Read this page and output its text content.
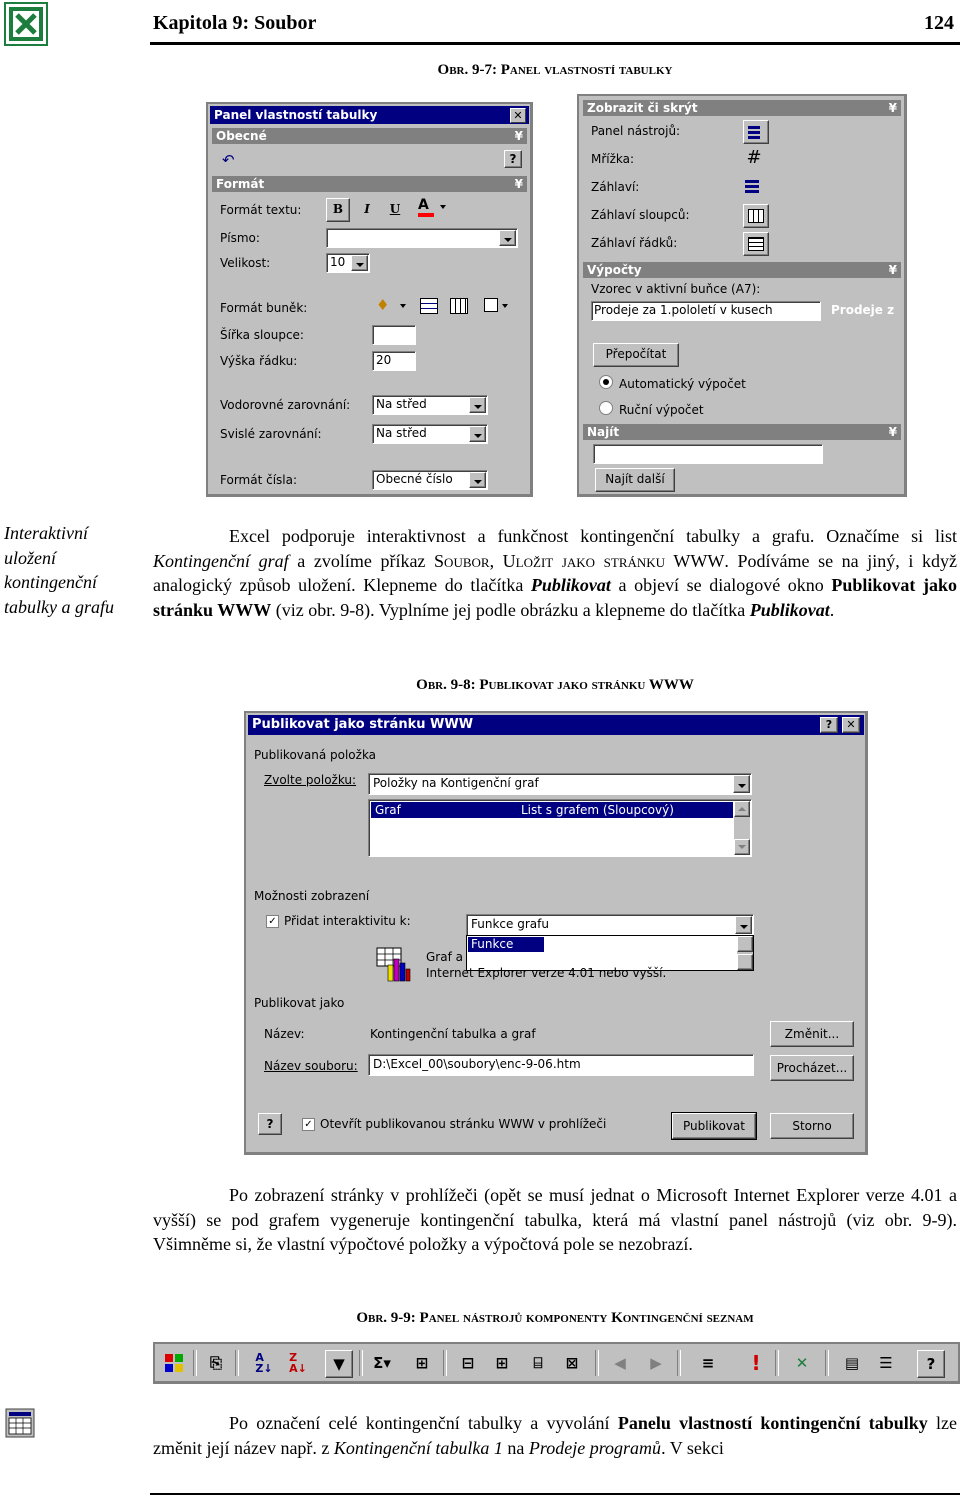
Kapitola 9: Soubor	124
Obr. 9-7: Panel vlastností tabulky
Panel vlastností tabulky	✕
Obecné	¥
↶	?
Formát	¥
Formát textu:	B	I	U	A
Písmo:
Velikost:	10
Formát buněk:	♦
Šířka sloupce:
Výška řádku:	20
Vodorovné zarovnání: Na střed
Svislé zarovnání:	Na střed
Formát čísla:	Obecné číslo
Zobrazit či skrýt	¥
Panel nástrojů:
Mřížka:	#
Záhlaví:
Záhlaví sloupců:
Záhlaví řádků:
Výpočty	¥
Vzorec v aktivní buňce (A7):
Prodeje za 1.pololetí v kusech	Prodeje z
Přepočítat
Automatický výpočet
Ruční výpočet
Najít	¥
Najít další
Interaktivní uložení kontingenční tabulky a grafu

Excel podporuje interaktivnost a funkčnost kontingenční tabulky a grafu. Označíme si list Kontingenční graf a zvolíme příkaz Soubor, Uložit jako stránku WWW. Podíváme se na jiný, i když analogický způsob uložení. Klepneme do tlačítka Publikovat a objeví se dialogové okno Publikovat jako stránku WWW (viz obr. 9-8). Vyplníme jej podle obrázku a klepneme do tlačítka Publikovat.

Obr. 9-8: Publikovat jako stránku WWW
Publikovat jako stránku WWW	?	✕
Publikovaná položka
Zvolte položku: Položky na Kontigenční graf
Graf	List s grafem (Sloupcový)
Možnosti zobrazení
✓ Přidat interaktivitu k:	Funkce grafu
Funkce grafu
Graf a
Internet Explorer verze 4.01 nebo vyšší.
Publikovat jako
Název:	Kontingenční tabulka a graf	Změnit...
Název souboru: D:\Excel_00\soubory\enc-9-06.htm	Procházet...
?	✓ Otevřít publikovanou stránku WWW v prohlížeči	Publikovat	Storno

Po zobrazení stránky v prohlížeči (opět se musí jednat o Microsoft Internet Explorer verze 4.01 a vyšší) se pod grafem vygeneruje kontingenční tabulka, která má vlastní panel nástrojů (viz obr. 9-9). Všimněme si, že vlastní výpočtové položky a výpočtová pole se nezobrazí.

Obr. 9-9: Panel nástrojů komponenty Kontingenční seznam
⎘	A
Z↓
Z
A↓	▼	Σ▾	⊞	⊟	⊞	⌸	⊠	◀	▶	≡	!	✕	▤	☰	?

Po označení celé kontingenční tabulky a vyvolání Panelu vlastností kontingenční tabulky lze změnit její název např. z Kontingenční tabulka 1 na Prodeje programů. V sekci
